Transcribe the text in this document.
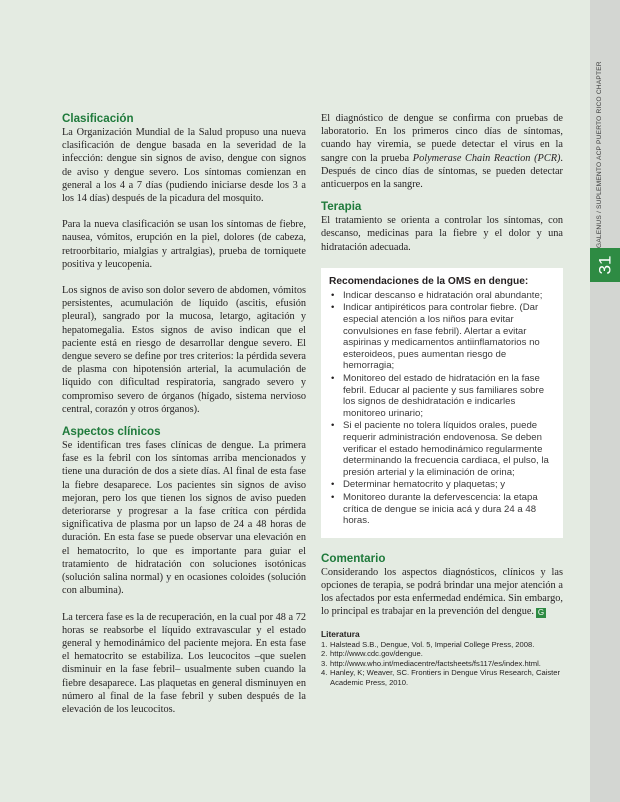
GALENUS / SUPLEMENTO ACP PUERTO RICO CHAPTER
31
Clasificación

La Organización Mundial de la Salud propuso una nueva clasificación de dengue basada en la severidad de la infección: dengue sin signos de aviso, dengue con signos de aviso y dengue severo. Los síntomas comienzan en general a los 4 a 7 días (pudiendo iniciarse desde los 3 a los 14 días) después de la picadura del mosquito.

Para la nueva clasificación se usan los síntomas de fiebre, nausea, vómitos, erupción en la piel, dolores (de cabeza, retroorbitario, mialgias y artralgias), prueba de torniquete positiva y leucopenia.

Los signos de aviso son dolor severo de abdomen, vómitos persistentes, acumulación de líquido (ascitis, efusión pleural), sangrado por la mucosa, letargo, agitación y hepatomegalia. Estos signos de aviso indican que el paciente está en riesgo de desarrollar dengue severo. El dengue severo se define por tres criterios: la pérdida severa de plasma con hipotensión arterial, la acumulación de líquido con dificultad respiratoria, sangrado severo y compromiso severo de órganos (hígado, sistema nervioso central, corazón y otros órganos).

Aspectos clínicos

Se identifican tres fases clínicas de dengue. La primera fase es la febril con los síntomas arriba mencionados y tiene una duración de dos a siete días. Al final de esta fase la fiebre desaparece. Los pacientes sin signos de aviso mejoran, pero los que tienen los signos de aviso pueden deteriorarse y progresar a la fase crítica con pérdida significativa de plasma por un lapso de 24 a 48 horas de duración. En esta fase se puede observar una elevación en el hematocrito, lo que es importante para guiar el tratamiento de hidratación con soluciones isotónicas (solución salina normal) y en ocasiones coloides (solución con albumina).

La tercera fase es la de recuperación, en la cual por 48 a 72 horas se reabsorbe el líquido extravascular y el estado general y hemodinámico del paciente mejora. En esta fase el hematocrito se estabiliza. Los leucocitos –que suelen disminuir en la fase febril– usualmente suben cuando la fiebre desaparece. Las plaquetas en general disminuyen en número al final de la fase febril y suben después de la elevación de los leucocitos.

El diagnóstico de dengue se confirma con pruebas de laboratorio. En los primeros cinco días de síntomas, cuando hay viremia, se puede detectar el virus en la sangre con la prueba Polymerase Chain Reaction (PCR). Después de cinco días de síntomas, se pueden detectar anticuerpos en la sangre.

Terapia

El tratamiento se orienta a controlar los síntomas, con descanso, medicinas para la fiebre y el dolor y una hidratación adecuada.

Recomendaciones de la OMS en dengue:
• Indicar descanso e hidratación oral abundante;
• Indicar antipiréticos para controlar fiebre. (Dar especial atención a los niños para evitar convulsiones en fase febril). Alertar a evitar aspirinas y medicamentos antiinflamatorios no esteroideos, pues aumentan riesgo de hemorragia;
• Monitoreo del estado de hidratación en la fase febril. Educar al paciente y sus familiares sobre los signos de deshidratación e indicarles monitoreo urinario;
• Si el paciente no tolera líquidos orales, puede requerir administración endovenosa. Se deben verificar el estado hemodinámico regularmente determinando la frecuencia cardiaca, el pulso, la presión arterial y la eliminación de orina;
• Determinar hematocrito y plaquetas; y
• Monitoreo durante la defervescencia: la etapa crítica de dengue se inicia acá y dura 24 a 48 horas.
Comentario

Considerando los aspectos diagnósticos, clínicos y las opciones de terapia, se podrá brindar una mejor atención a los afectados por esta enfermedad endémica. Sin embargo, lo principal es trabajar en la prevención del dengue. G

Literatura
1. Halstead S.B., Dengue, Vol. 5, Imperial College Press, 2008.
2. http://www.cdc.gov/dengue.
3. http://www.who.int/mediacentre/factsheets/fs117/es/index.html.
4. Hanley, K; Weaver, SC. Frontiers in Dengue Virus Research, Caister Academic Press, 2010.
